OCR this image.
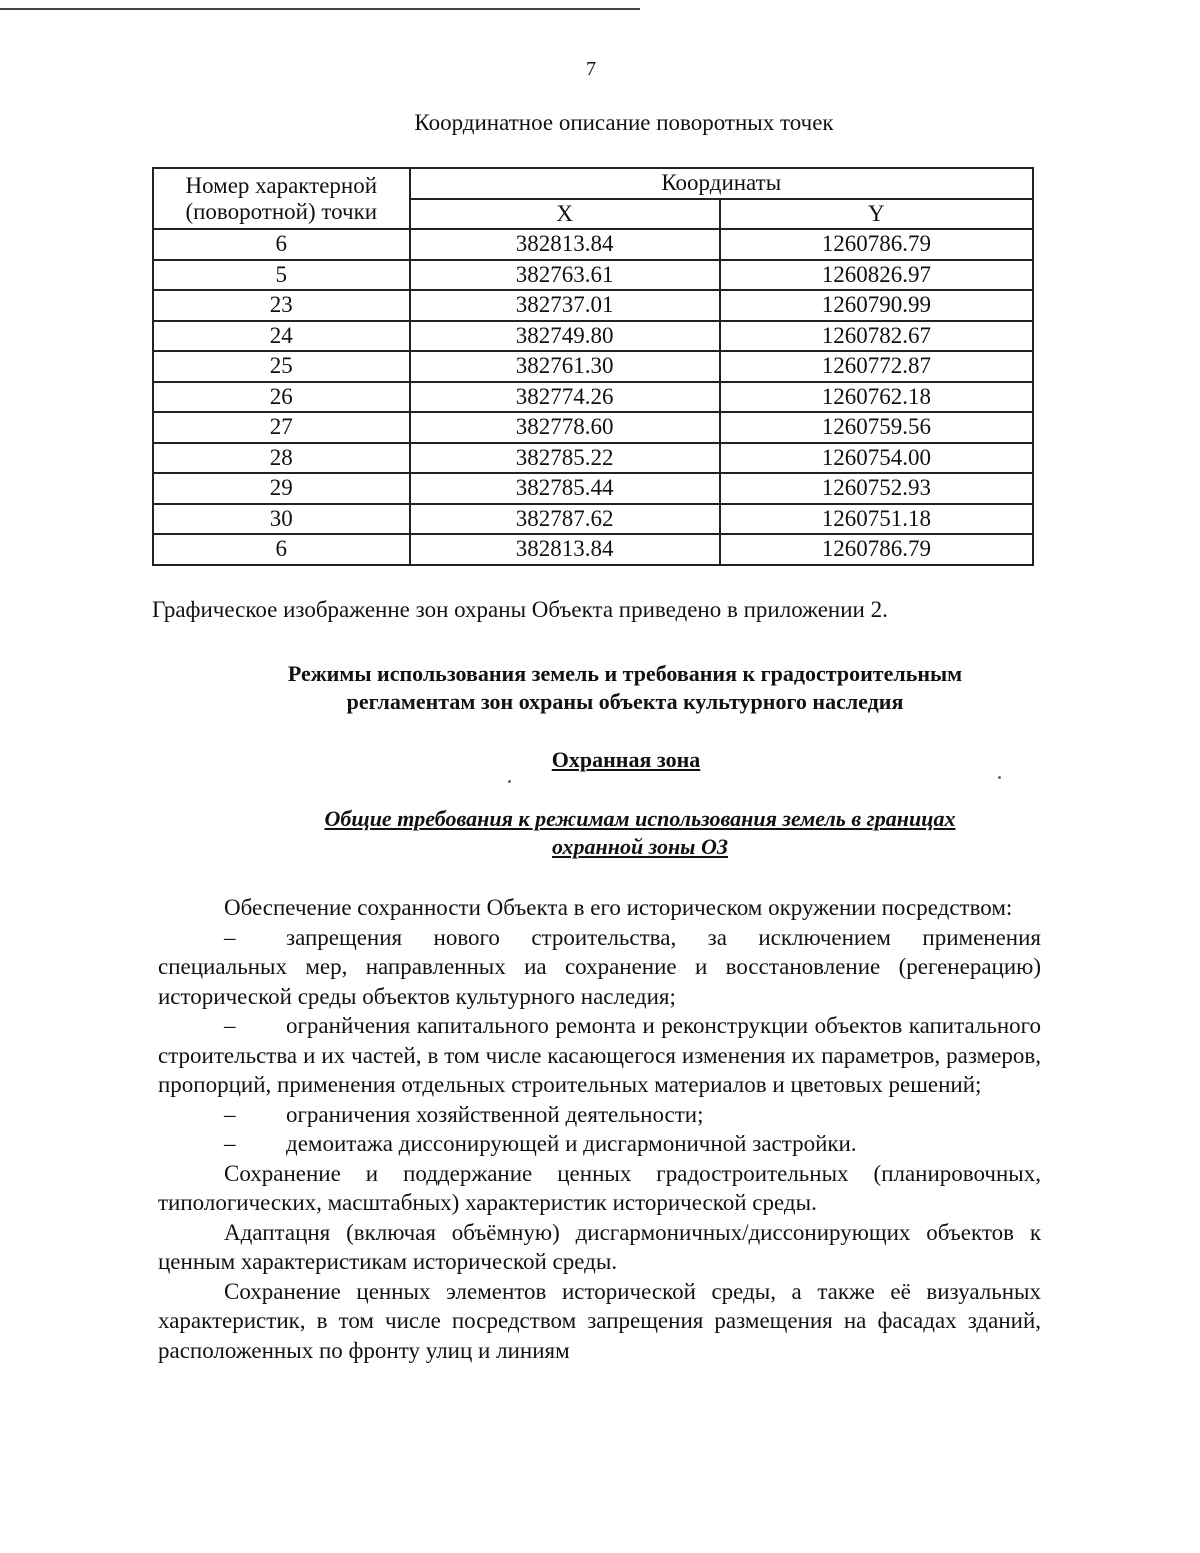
7
Координатное описание поворотных точек
Номер характерной
(поворотной) точки	Координаты	
	X	Y
6	382813.84	1260786.79
5	382763.61	1260826.97
23	382737.01	1260790.99
24	382749.80	1260782.67
25	382761.30	1260772.87
26	382774.26	1260762.18
27	382778.60	1260759.56
28	382785.22	1260754.00
29	382785.44	1260752.93
30	382787.62	1260751.18
6	382813.84	1260786.79
Графическое изображенне зон охраны Объекта приведено в приложении 2.
Режимы использования земель и требования к градостроительным
регламентам зон охраны объекта культурного наследия
Охранная зона
Общие требования к режимам использования земель в границах
охранной зоны ОЗ

Обеспечение сохранности Объекта в его историческом окружении посредством:

– запрещения нового строительства, за исключением применения специальных мер, направленных иа сохранение и восстановление (регенерацию) исторической среды объектов культурного наследия;

– огранйчения капитального ремонта и реконструкции объектов капитального строительства и их частей, в том числе касающегося изменения их параметров, размеров, пропорций, применения отдельных строительных материалов и цветовых решений;

– ограничения хозяйственной деятельности;

– демоитажа диссонирующей и дисгармоничной застройки.

Сохранение и поддержание ценных градостроительных (планировочных, типологических, масштабных) характеристик исторической среды.

Адаптацня (включая объёмную) дисгармоничных/диссонирующих объектов к ценным характеристикам исторической среды.

Сохранение ценных элементов исторической среды, а также её визуальных характеристик, в том числе посредством запрещения размещения на фасадах зданий, расположенных по фронту улиц и линиям
